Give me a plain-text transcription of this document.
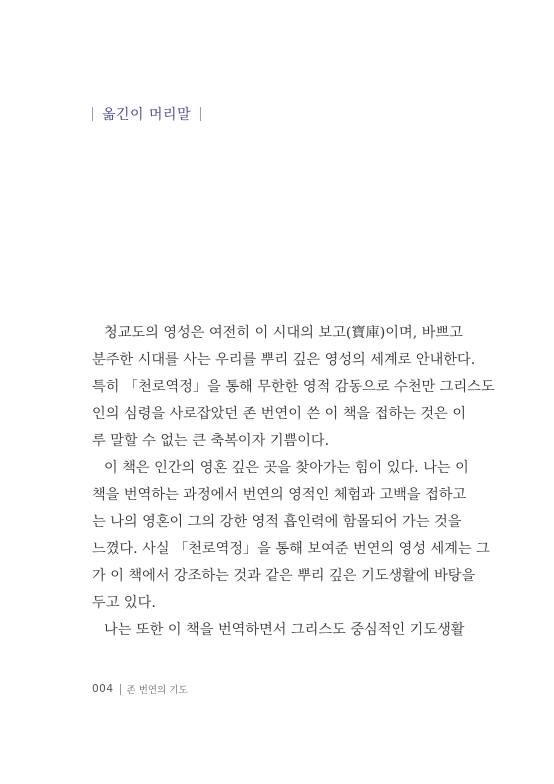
옮긴이 머리말
청교도의 영성은 여전히 이 시대의 보고(寶庫)이며, 바쁘고
분주한 시대를 사는 우리를 뿌리 깊은 영성의 세계로 안내한다.
특히 「천로역정」을 통해 무한한 영적 감동으로 수천만 그리스도
인의 심령을 사로잡았던 존 번연이 쓴 이 책을 접하는 것은 이
루 말할 수 없는 큰 축복이자 기쁨이다.
이 책은 인간의 영혼 깊은 곳을 찾아가는 힘이 있다. 나는 이
책을 번역하는 과정에서 번연의 영적인 체험과 고백을 접하고
는 나의 영혼이 그의 강한 영적 흡인력에 함몰되어 가는 것을
느꼈다. 사실 「천로역정」을 통해 보여준 번연의 영성 세계는 그
가 이 책에서 강조하는 것과 같은 뿌리 깊은 기도생활에 바탕을
두고 있다.
나는 또한 이 책을 번역하면서 그리스도 중심적인 기도생활
004 존 번연의 기도
